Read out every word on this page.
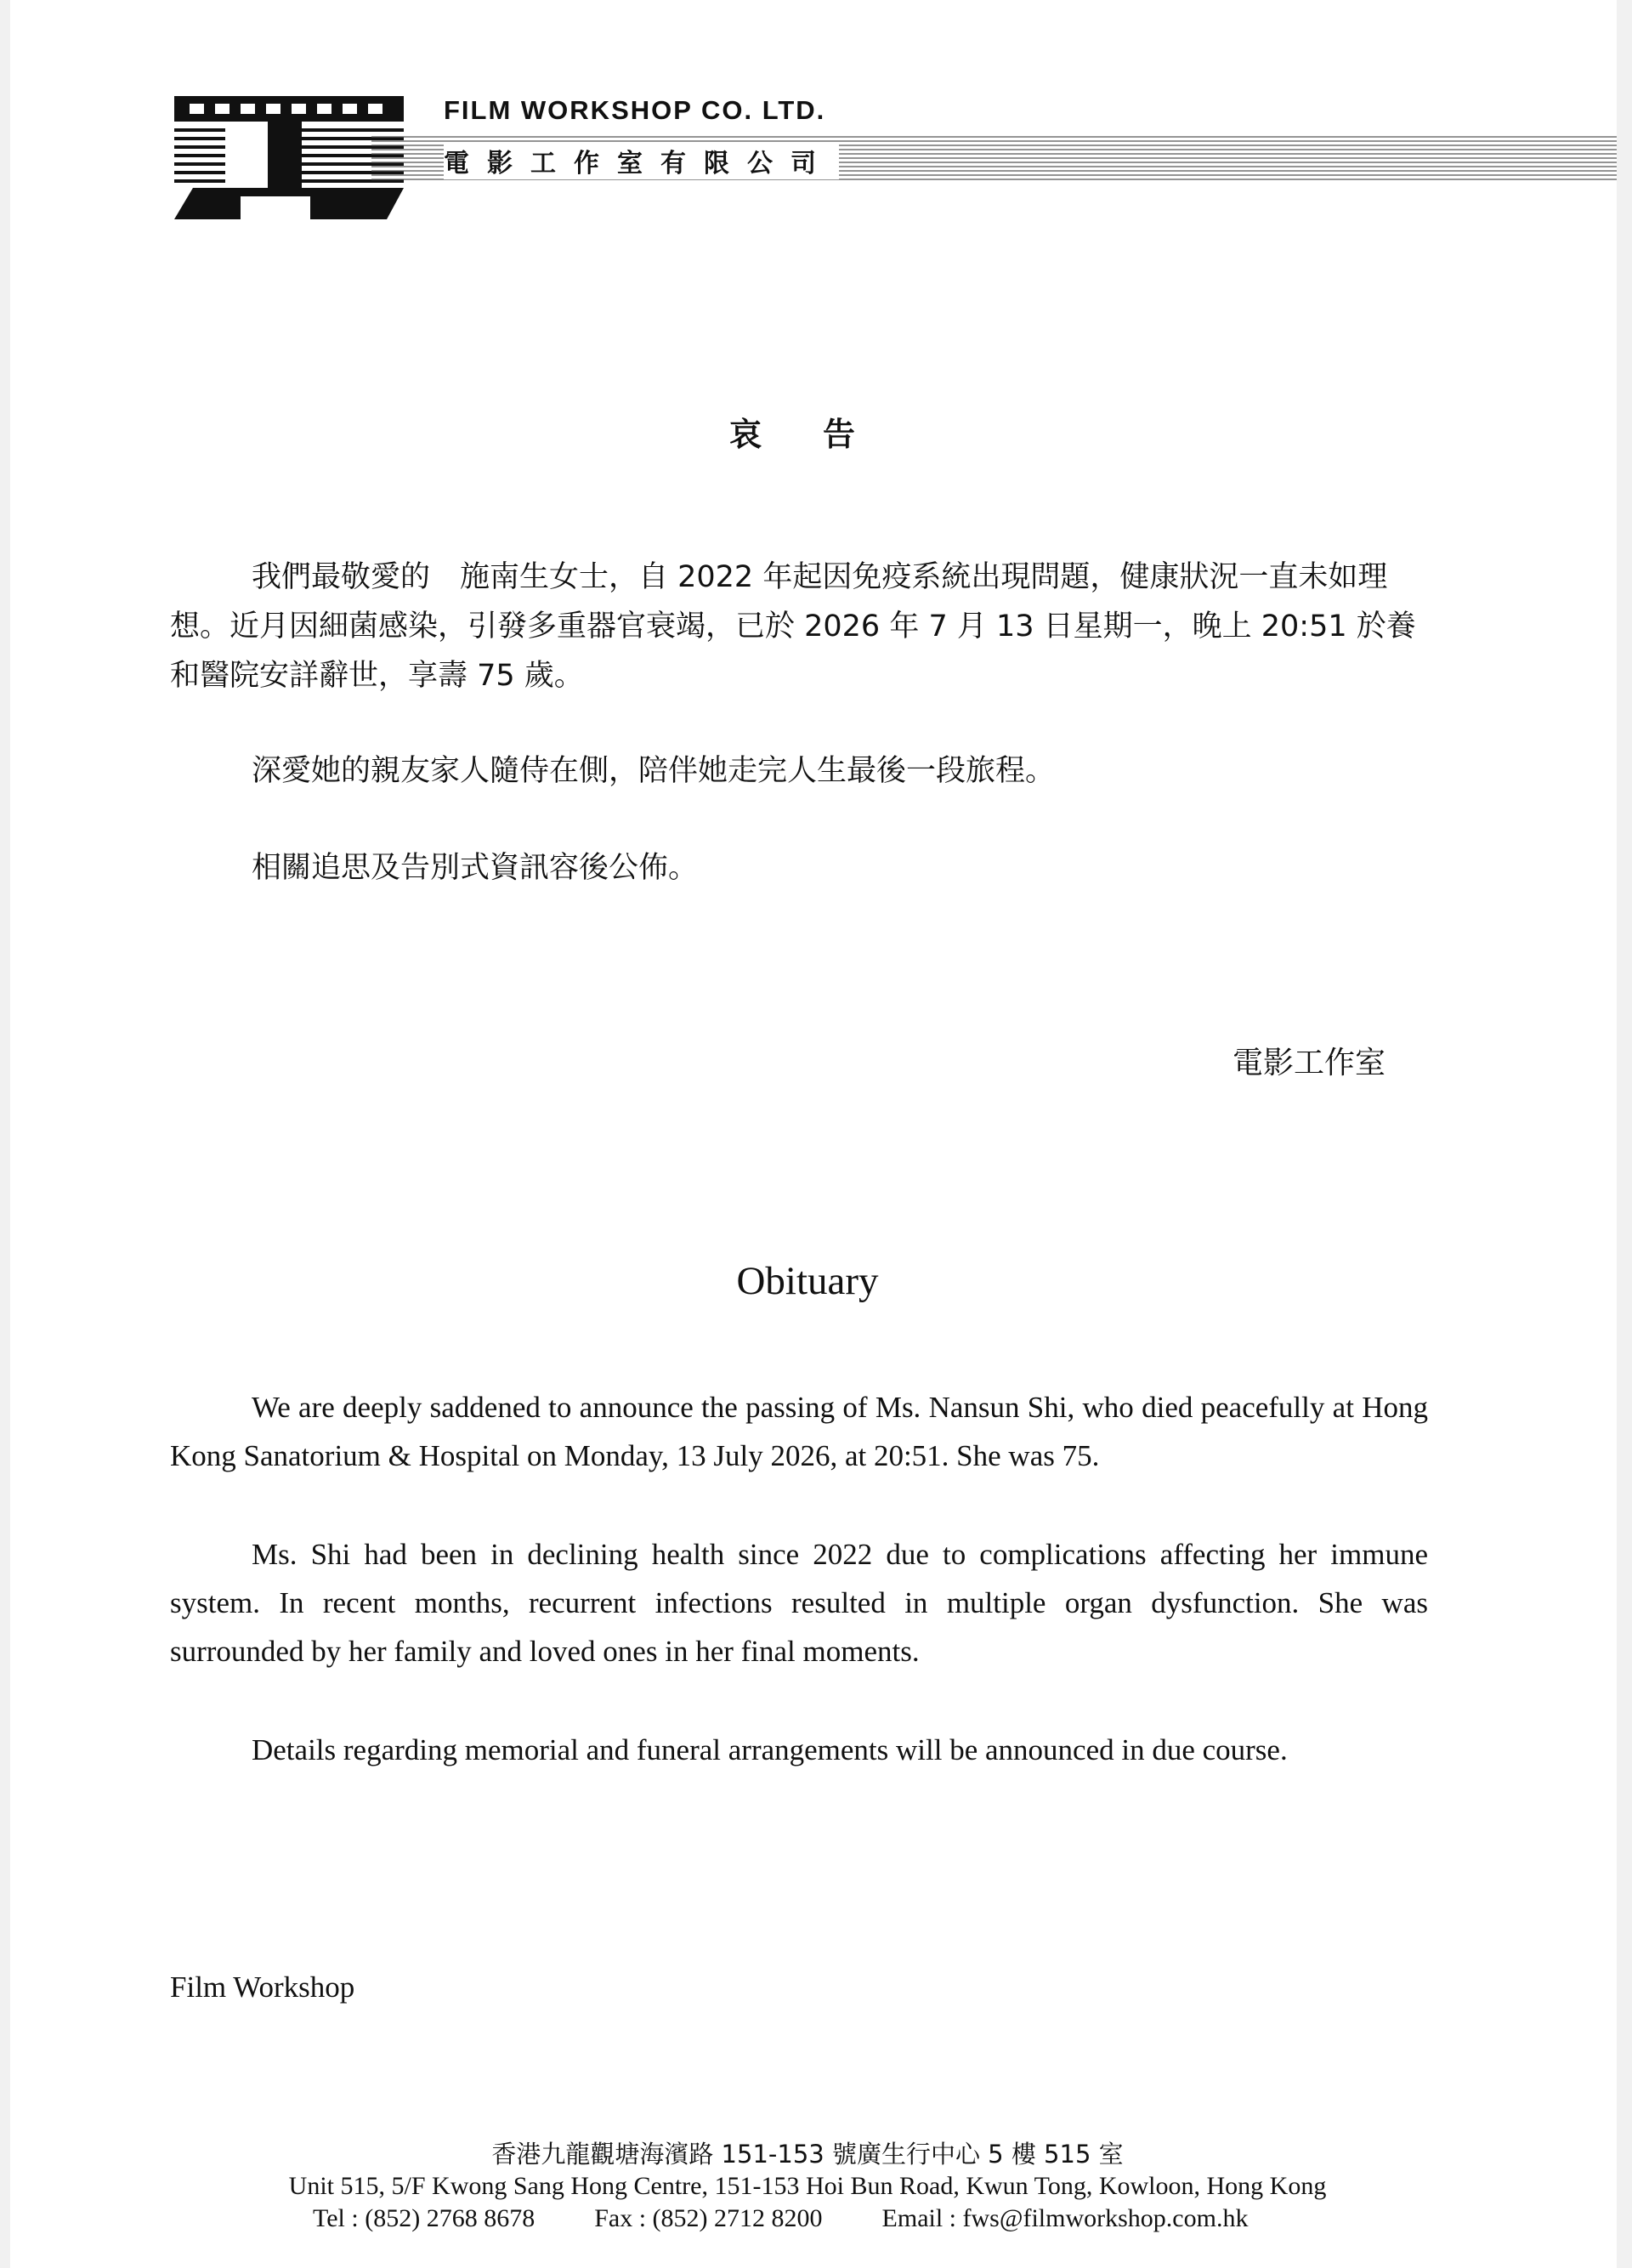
FILM WORKSHOP CO. LTD.
電影工作室有限公司
哀告

我們最敬愛的　施南生女士，自 2022 年起因免疫系統出現問題，健康狀況一直未如理想。近月因細菌感染，引發多重器官衰竭，已於 2026 年 7 月 13 日星期一，晚上 20:51 於養和醫院安詳辭世，享壽 75 歲。

深愛她的親友家人隨侍在側，陪伴她走完人生最後一段旅程。

相關追思及告別式資訊容後公佈。

電影工作室
Obituary

We are deeply saddened to announce the passing of Ms. Nansun Shi, who died peacefully at Hong Kong Sanatorium & Hospital on Monday, 13 July 2026, at 20:51. She was 75.

Ms. Shi had been in declining health since 2022 due to complications affecting her immune system. In recent months, recurrent infections resulted in multiple organ dysfunction. She was surrounded by her family and loved ones in her final moments.

Details regarding memorial and funeral arrangements will be announced in due course.

Film Workshop
香港九龍觀塘海濱路 151-153 號廣生行中心 5 樓 515 室
Unit 515, 5/F Kwong Sang Hong Centre, 151-153 Hoi Bun Road, Kwun Tong, Kowloon, Hong Kong
Tel : (852) 2768 8678 Fax : (852) 2712 8200 Email : fws@filmworkshop.com.hk
